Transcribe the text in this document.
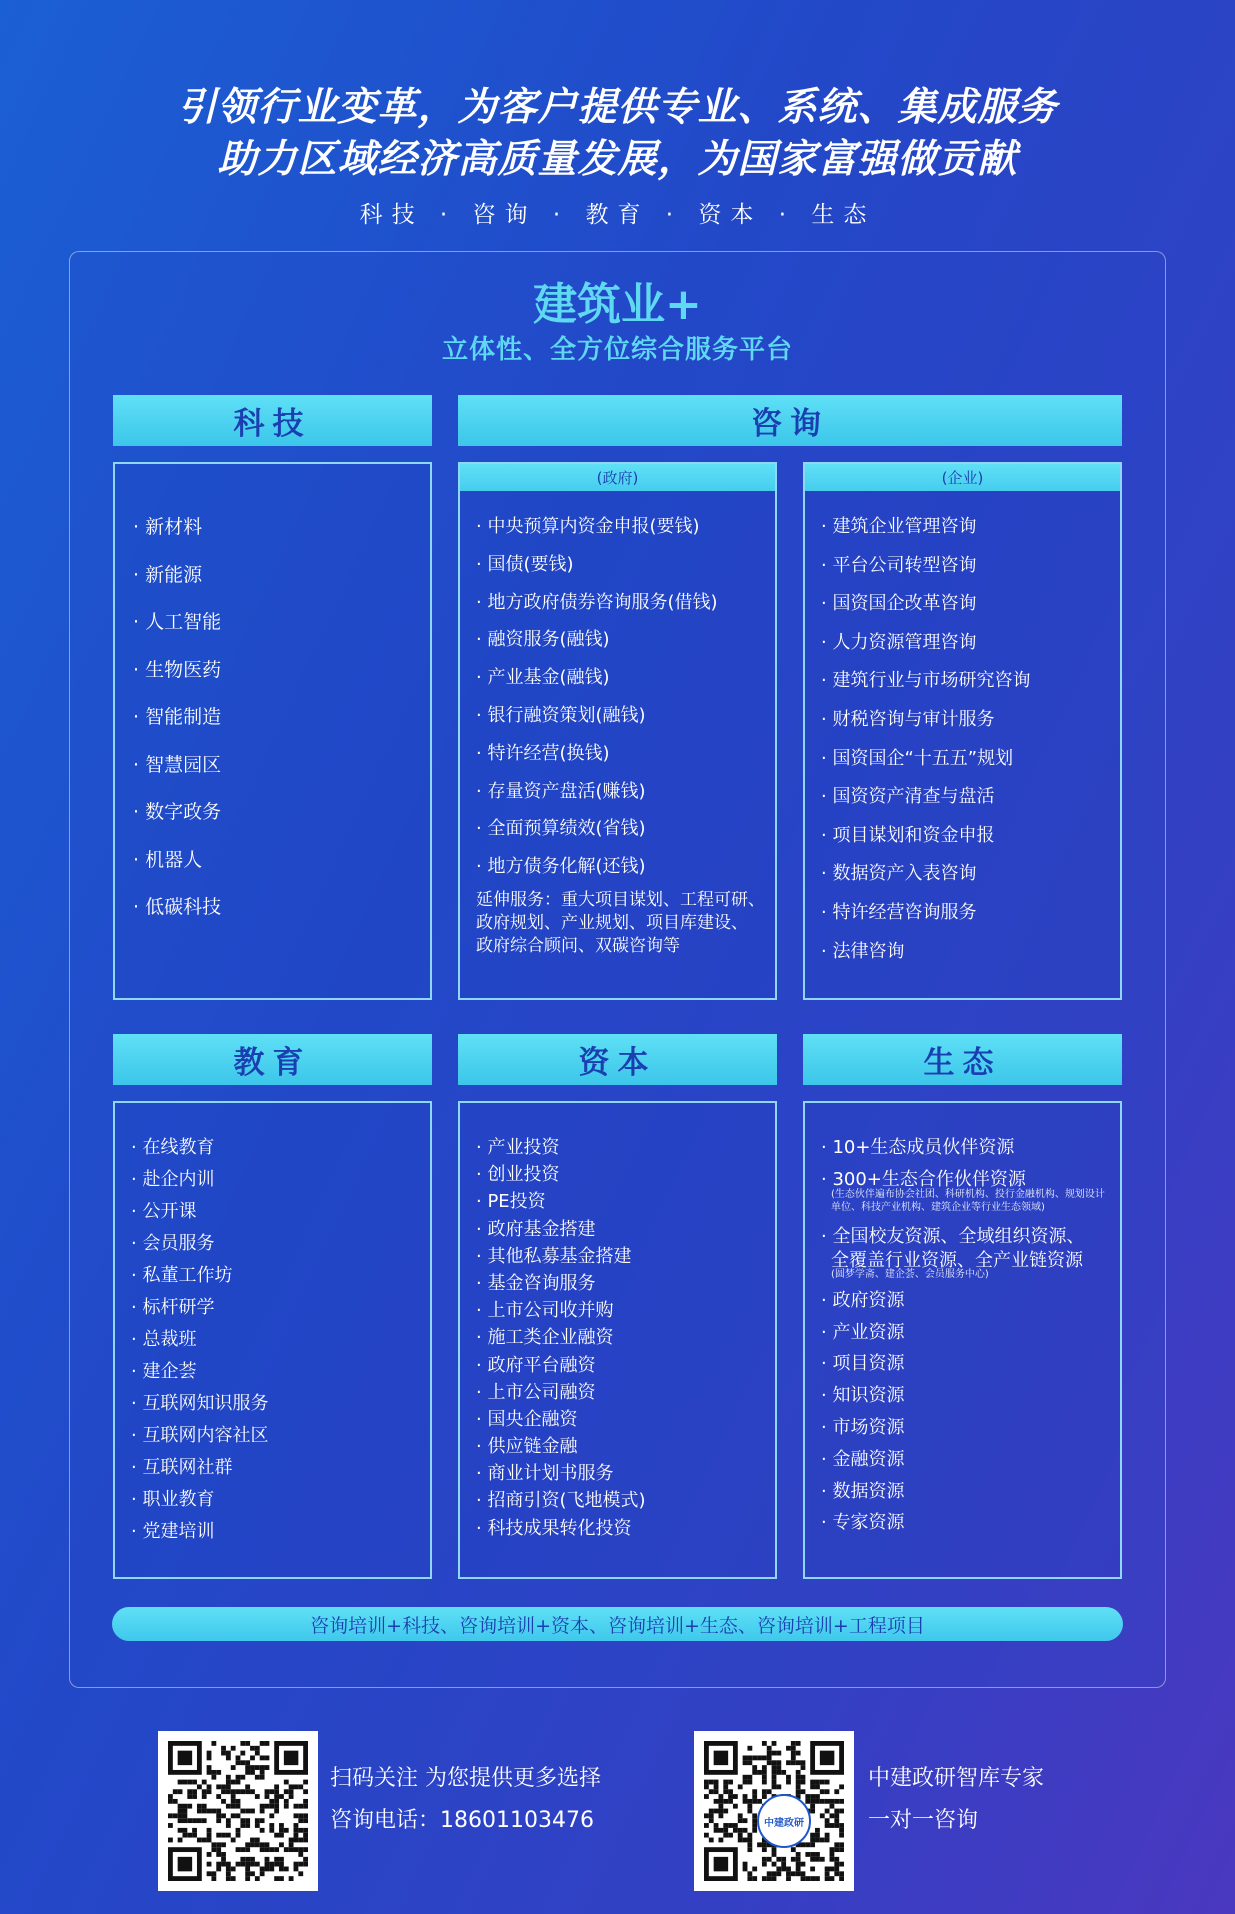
引领行业变革，为客户提供专业、系统、集成服务
助力区域经济高质量发展，为国家富强做贡献
科技 · 咨询 · 教育 · 资本 · 生态
建筑业+
立体性、全方位综合服务平台
科技	咨询
· 新材料
· 新能源
· 人工智能
· 生物医药
· 智能制造
· 智慧园区
· 数字政务
· 机器人
· 低碳科技
(政府)
· 中央预算内资金申报(要钱)
· 国债(要钱)
· 地方政府债券咨询服务(借钱)
· 融资服务(融钱)
· 产业基金(融钱)
· 银行融资策划(融钱)
· 特许经营(换钱)
· 存量资产盘活(赚钱)
· 全面预算绩效(省钱)
· 地方债务化解(还钱)
延伸服务：重大项目谋划、工程可研、
政府规划、产业规划、项目库建设、
政府综合顾问、双碳咨询等
(企业)
· 建筑企业管理咨询
· 平台公司转型咨询
· 国资国企改革咨询
· 人力资源管理咨询
· 建筑行业与市场研究咨询
· 财税咨询与审计服务
· 国资国企“十五五”规划
· 国资资产清查与盘活
· 项目谋划和资金申报
· 数据资产入表咨询
· 特许经营咨询服务
· 法律咨询
教育	资本	生态
· 在线教育
· 赴企内训
· 公开课
· 会员服务
· 私董工作坊
· 标杆研学
· 总裁班
· 建企荟
· 互联网知识服务
· 互联网内容社区
· 互联网社群
· 职业教育
· 党建培训
· 产业投资
· 创业投资
· PE投资
· 政府基金搭建
· 其他私募基金搭建
· 基金咨询服务
· 上市公司收并购
· 施工类企业融资
· 政府平台融资
· 上市公司融资
· 国央企融资
· 供应链金融
· 商业计划书服务
· 招商引资(飞地模式)
· 科技成果转化投资
· 10+生态成员伙伴资源
· 300+生态合作伙伴资源
(生态伙伴遍布协会社团、科研机构、投行金融机构、规划设计单位、科技产业机构、建筑企业等行业生态领域)
· 全国校友资源、全域组织资源、
全覆盖行业资源、全产业链资源
(圆梦学斋、建企荟、会员服务中心)
· 政府资源
· 产业资源
· 项目资源
· 知识资源
· 市场资源
· 金融资源
· 数据资源
· 专家资源
咨询培训+科技、咨询培训+资本、咨询培训+生态、咨询培训+工程项目
扫码关注 为您提供更多选择
咨询电话：18601103476	中建政研
中建政研智库专家
一对一咨询
